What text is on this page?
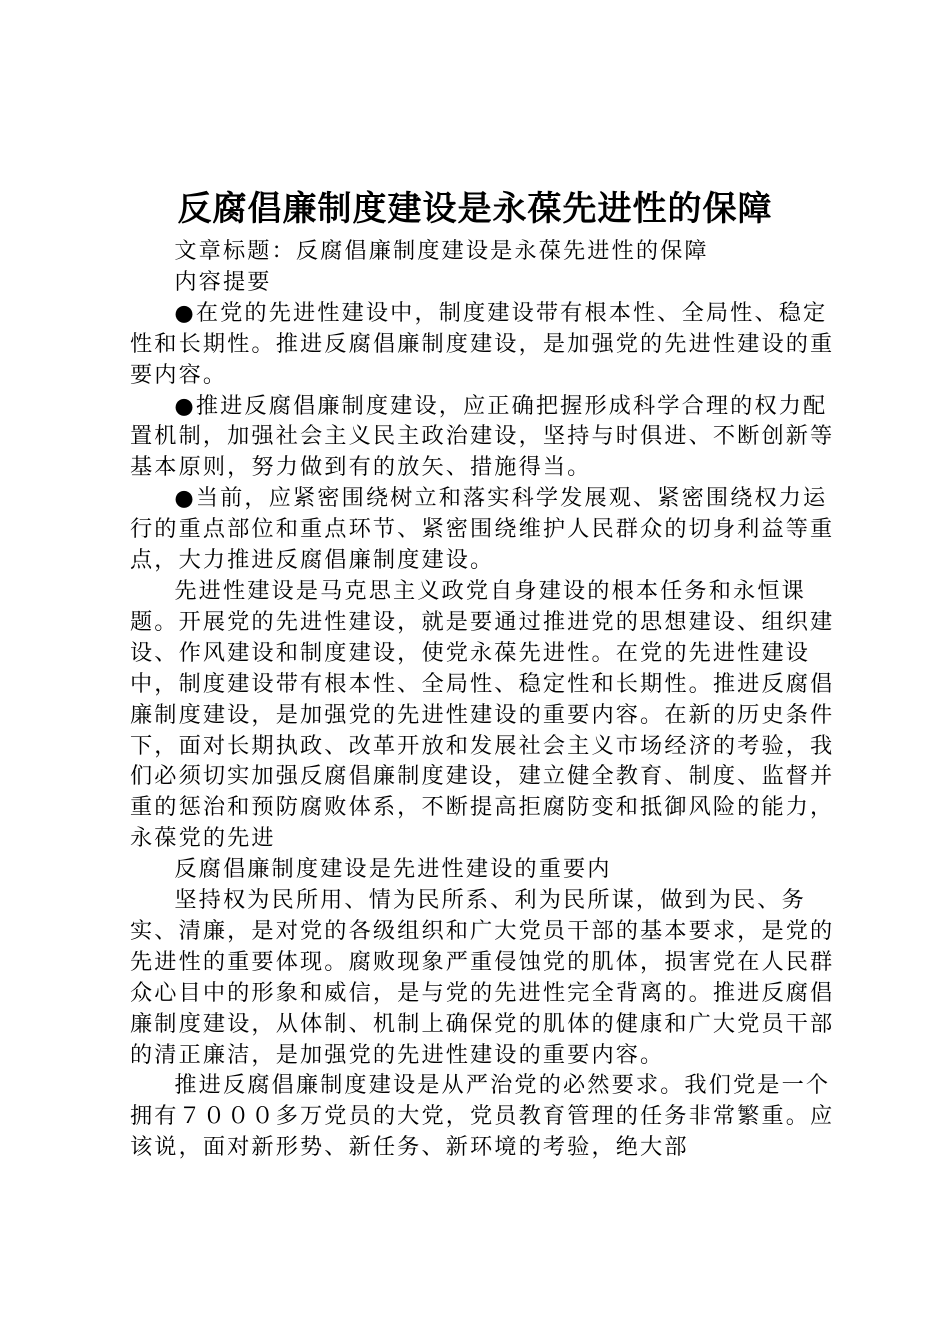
反腐倡廉制度建设是永葆先进性的保障

文章标题：反腐倡廉制度建设是永葆先进性的保障

内容提要

●在党的先进性建设中，制度建设带有根本性、全局性、稳定性和长期性。推进反腐倡廉制度建设，是加强党的先进性建设的重要内容。

●推进反腐倡廉制度建设，应正确把握形成科学合理的权力配置机制，加强社会主义民主政治建设，坚持与时俱进、不断创新等基本原则，努力做到有的放矢、措施得当。

●当前，应紧密围绕树立和落实科学发展观、紧密围绕权力运行的重点部位和重点环节、紧密围绕维护人民群众的切身利益等重点，大力推进反腐倡廉制度建设。

先进性建设是马克思主义政党自身建设的根本任务和永恒课题。开展党的先进性建设，就是要通过推进党的思想建设、组织建设、作风建设和制度建设，使党永葆先进性。在党的先进性建设中，制度建设带有根本性、全局性、稳定性和长期性。推进反腐倡廉制度建设，是加强党的先进性建设的重要内容。在新的历史条件下，面对长期执政、改革开放和发展社会主义市场经济的考验，我们必须切实加强反腐倡廉制度建设，建立健全教育、制度、监督并重的惩治和预防腐败体系，不断提高拒腐防变和抵御风险的能力，永葆党的先进

反腐倡廉制度建设是先进性建设的重要内

坚持权为民所用、情为民所系、利为民所谋，做到为民、务实、清廉，是对党的各级组织和广大党员干部的基本要求，是党的先进性的重要体现。腐败现象严重侵蚀党的肌体，损害党在人民群众心目中的形象和威信，是与党的先进性完全背离的。推进反腐倡廉制度建设，从体制、机制上确保党的肌体的健康和广大党员干部的清正廉洁，是加强党的先进性建设的重要内容。

推进反腐倡廉制度建设是从严治党的必然要求。我们党是一个拥有７０００多万党员的大党，党员教育管理的任务非常繁重。应该说，面对新形势、新任务、新环境的考验，绝大部
